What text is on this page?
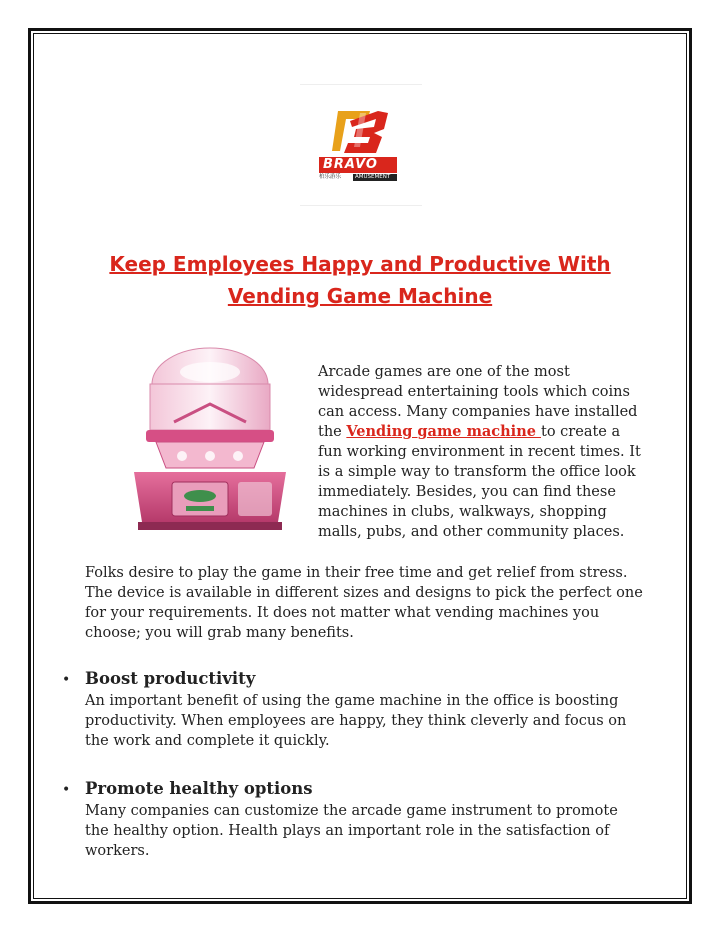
BRAVO
柏乐游乐	AMUSEMENT
Keep Employees Happy and Productive With Vending Game Machine

Arcade games are one of the most widespread entertaining tools which coins can access. Many companies have installed the Vending game machine to create a fun working environment in recent times. It is a simple way to transform the office look immediately. Besides, you can find these machines in clubs, walkways, shopping malls, pubs, and other community places.

Folks desire to play the game in their free time and get relief from stress. The device is available in different sizes and designs to pick the perfect one for your requirements. It does not matter what vending machines you choose; you will grab many benefits.

• Boost productivity

An important benefit of using the game machine in the office is boosting productivity. When employees are happy, they think cleverly and focus on the work and complete it quickly.

• Promote healthy options

Many companies can customize the arcade game instrument to promote the healthy option. Health plays an important role in the satisfaction of workers.
